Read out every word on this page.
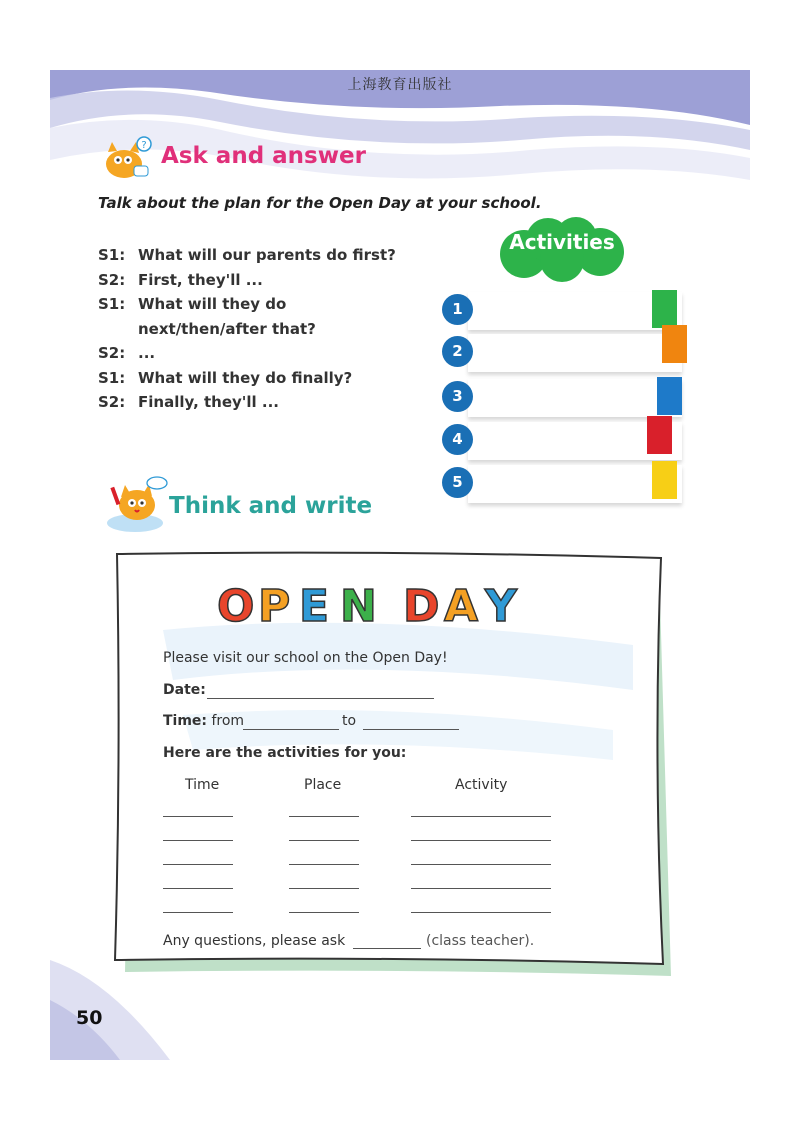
上海教育出版社
? Ask and answer
Talk about the plan for the Open Day at your school.
S1: What will our parents do first?
S2: First, they'll ...
S1: What will they do
next/then/after that?
S2: ...
S1: What will they do finally?
S2: Finally, they'll ...
Activities
1
2
3
4
5
Think and write
O P E N D A Y
Please visit our school on the Open Day!
Date:
Time: from	to
Here are the activities for you:
Time	Place	Activity
Any questions, please ask	(class teacher).
50
